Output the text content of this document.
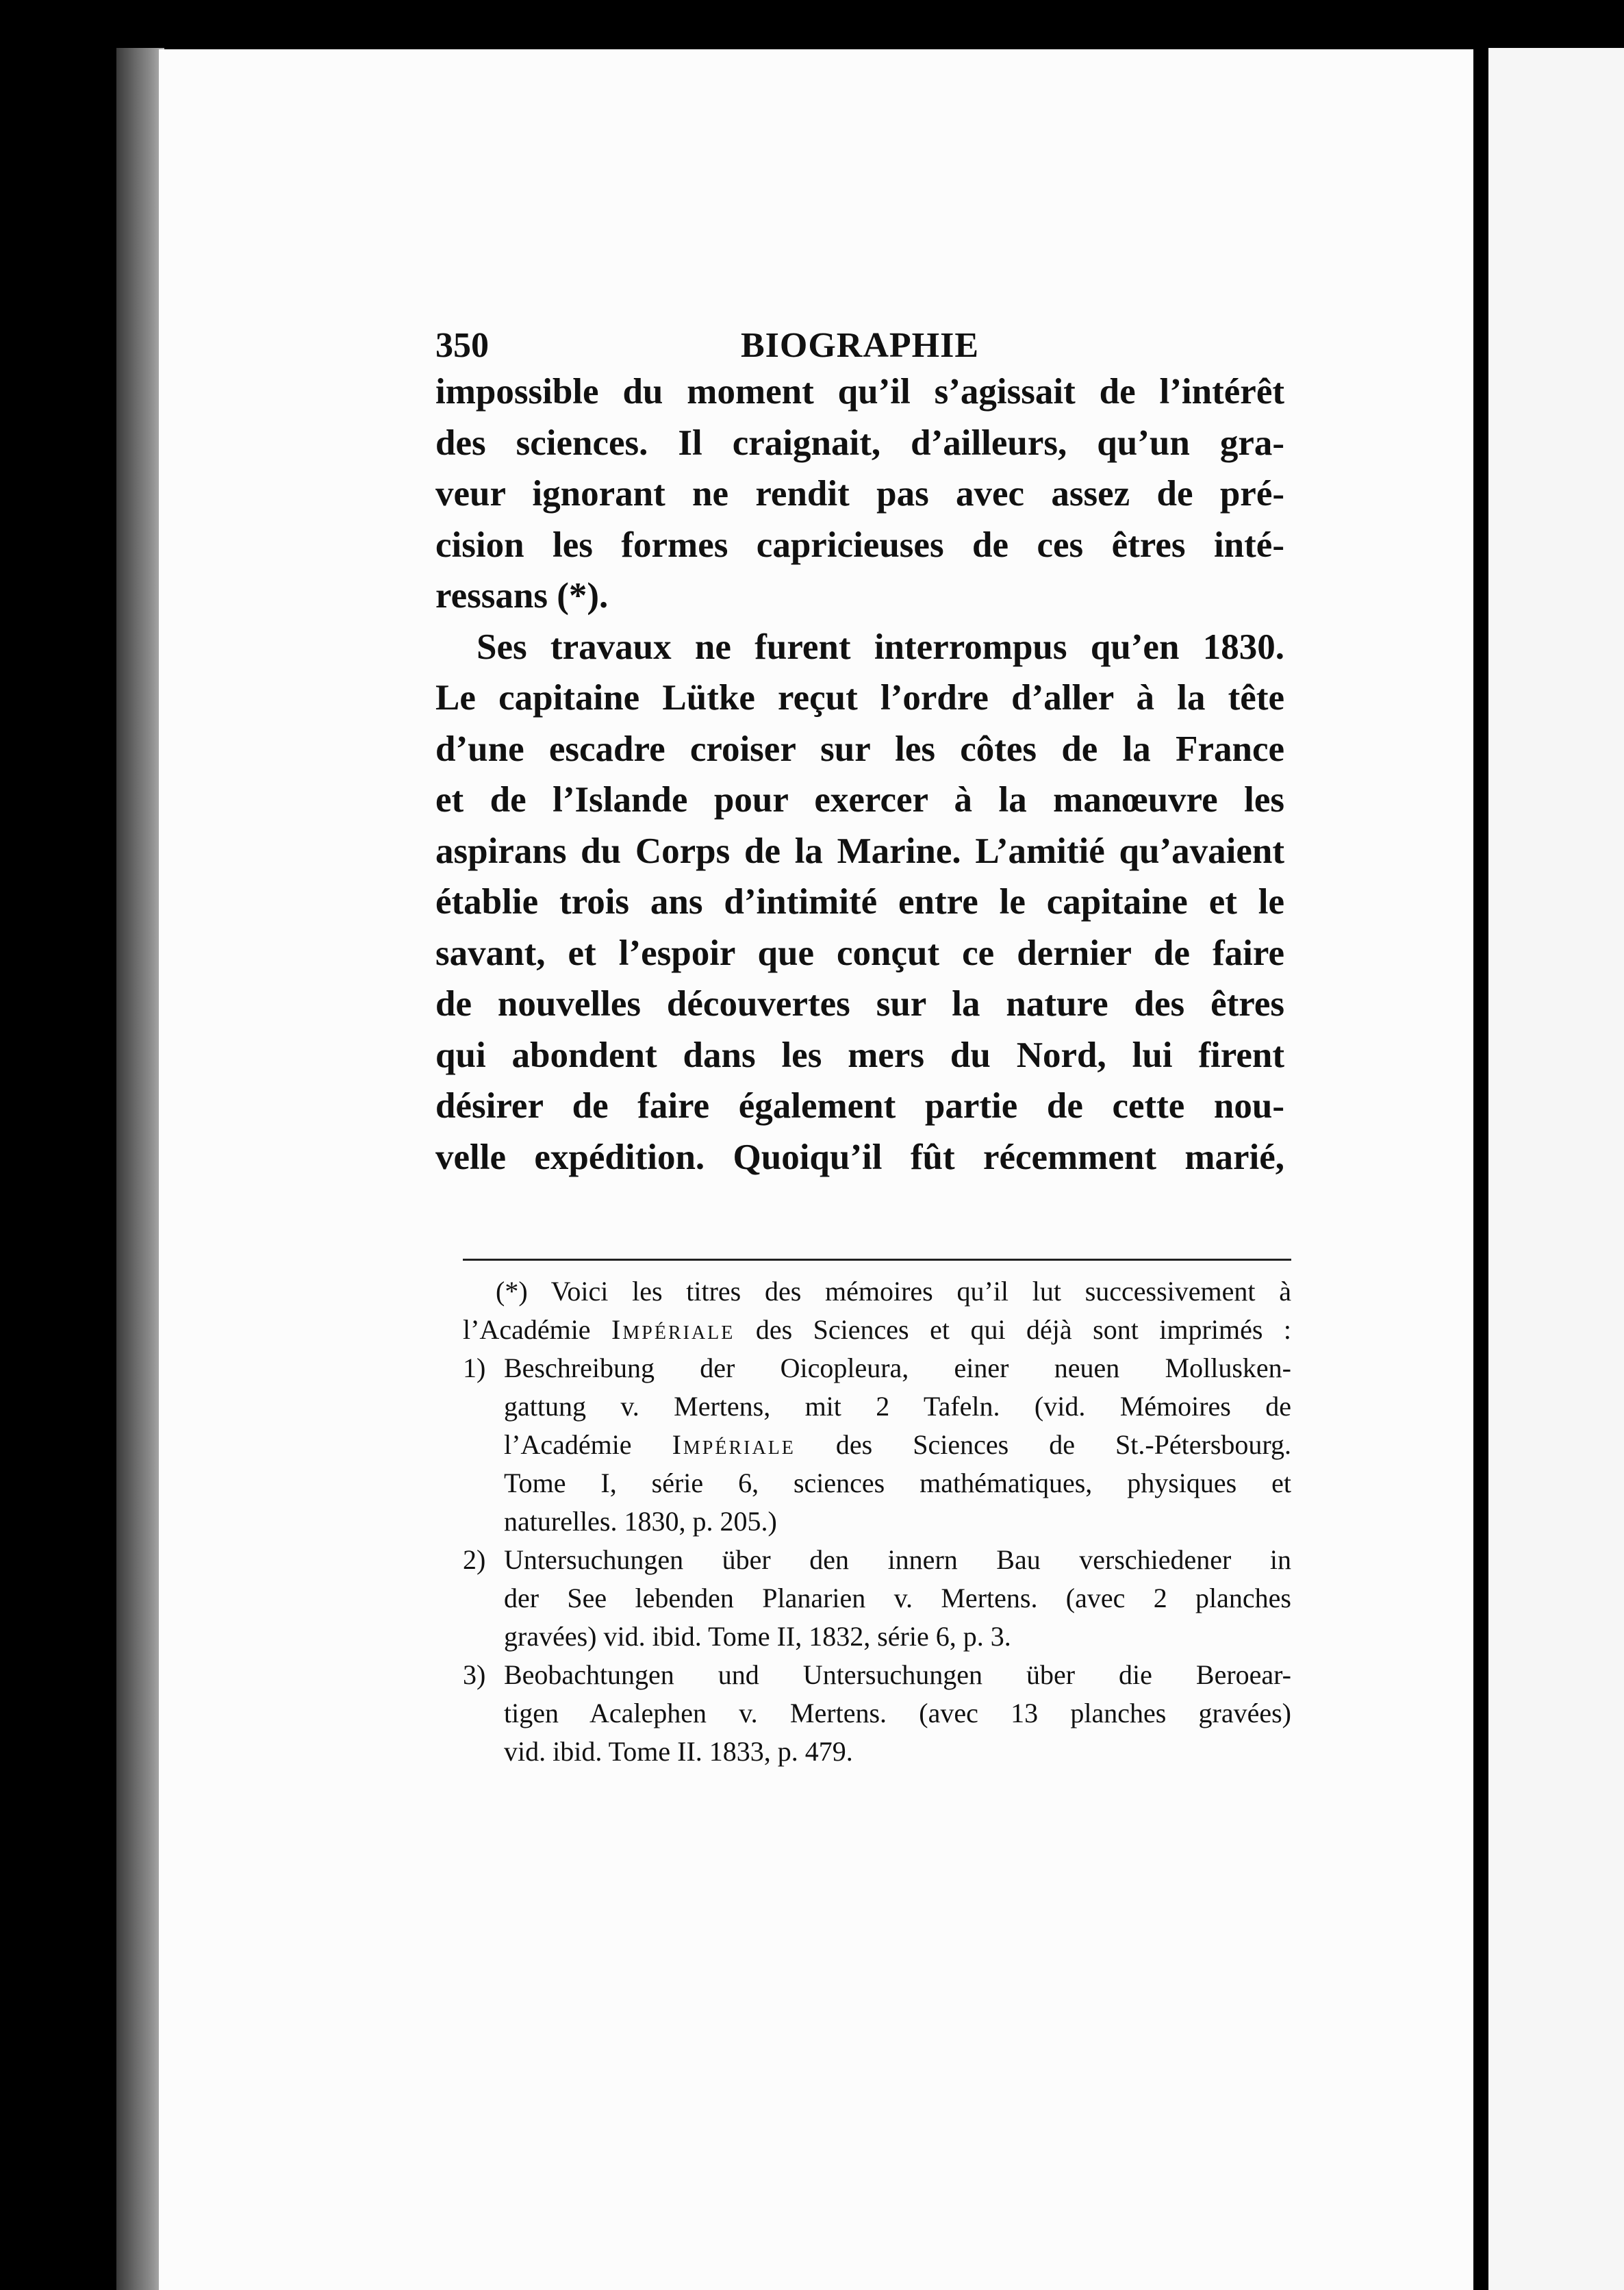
350	BIOGRAPHIE
impossible du moment qu’il s’agissait de l’intérêt
des sciences. Il craignait, d’ailleurs, qu’un gra-
veur ignorant ne rendit pas avec assez de pré-
cision les formes capricieuses de ces êtres inté-
ressans (*).
Ses travaux ne furent interrompus qu’en 1830.
Le capitaine Lütke reçut l’ordre d’aller à la tête
d’une escadre croiser sur les côtes de la France
et de l’Islande pour exercer à la manœuvre les
aspirans du Corps de la Marine. L’amitié qu’avaient
établie trois ans d’intimité entre le capitaine et le
savant, et l’espoir que conçut ce dernier de faire
de nouvelles découvertes sur la nature des êtres
qui abondent dans les mers du Nord, lui firent
désirer de faire également partie de cette nou-
velle expédition. Quoiqu’il fût récemment marié,
(*) Voici les titres des mémoires qu’il lut successivement à
l’Académie Impériale des Sciences et qui déjà sont imprimés :
1) Beschreibung der Oicopleura, einer neuen Mollusken-
gattung v. Mertens, mit 2 Tafeln. (vid. Mémoires de
l’Académie Impériale des Sciences de St.-Pétersbourg.
Tome I, série 6, sciences mathématiques, physiques et
naturelles. 1830, p. 205.)
2) Untersuchungen über den innern Bau verschiedener in
der See lebenden Planarien v. Mertens. (avec 2 planches
gravées) vid. ibid. Tome II, 1832, série 6, p. 3.
3) Beobachtungen und Untersuchungen über die Beroear-
tigen Acalephen v. Mertens. (avec 13 planches gravées)
vid. ibid. Tome II. 1833, p. 479.
